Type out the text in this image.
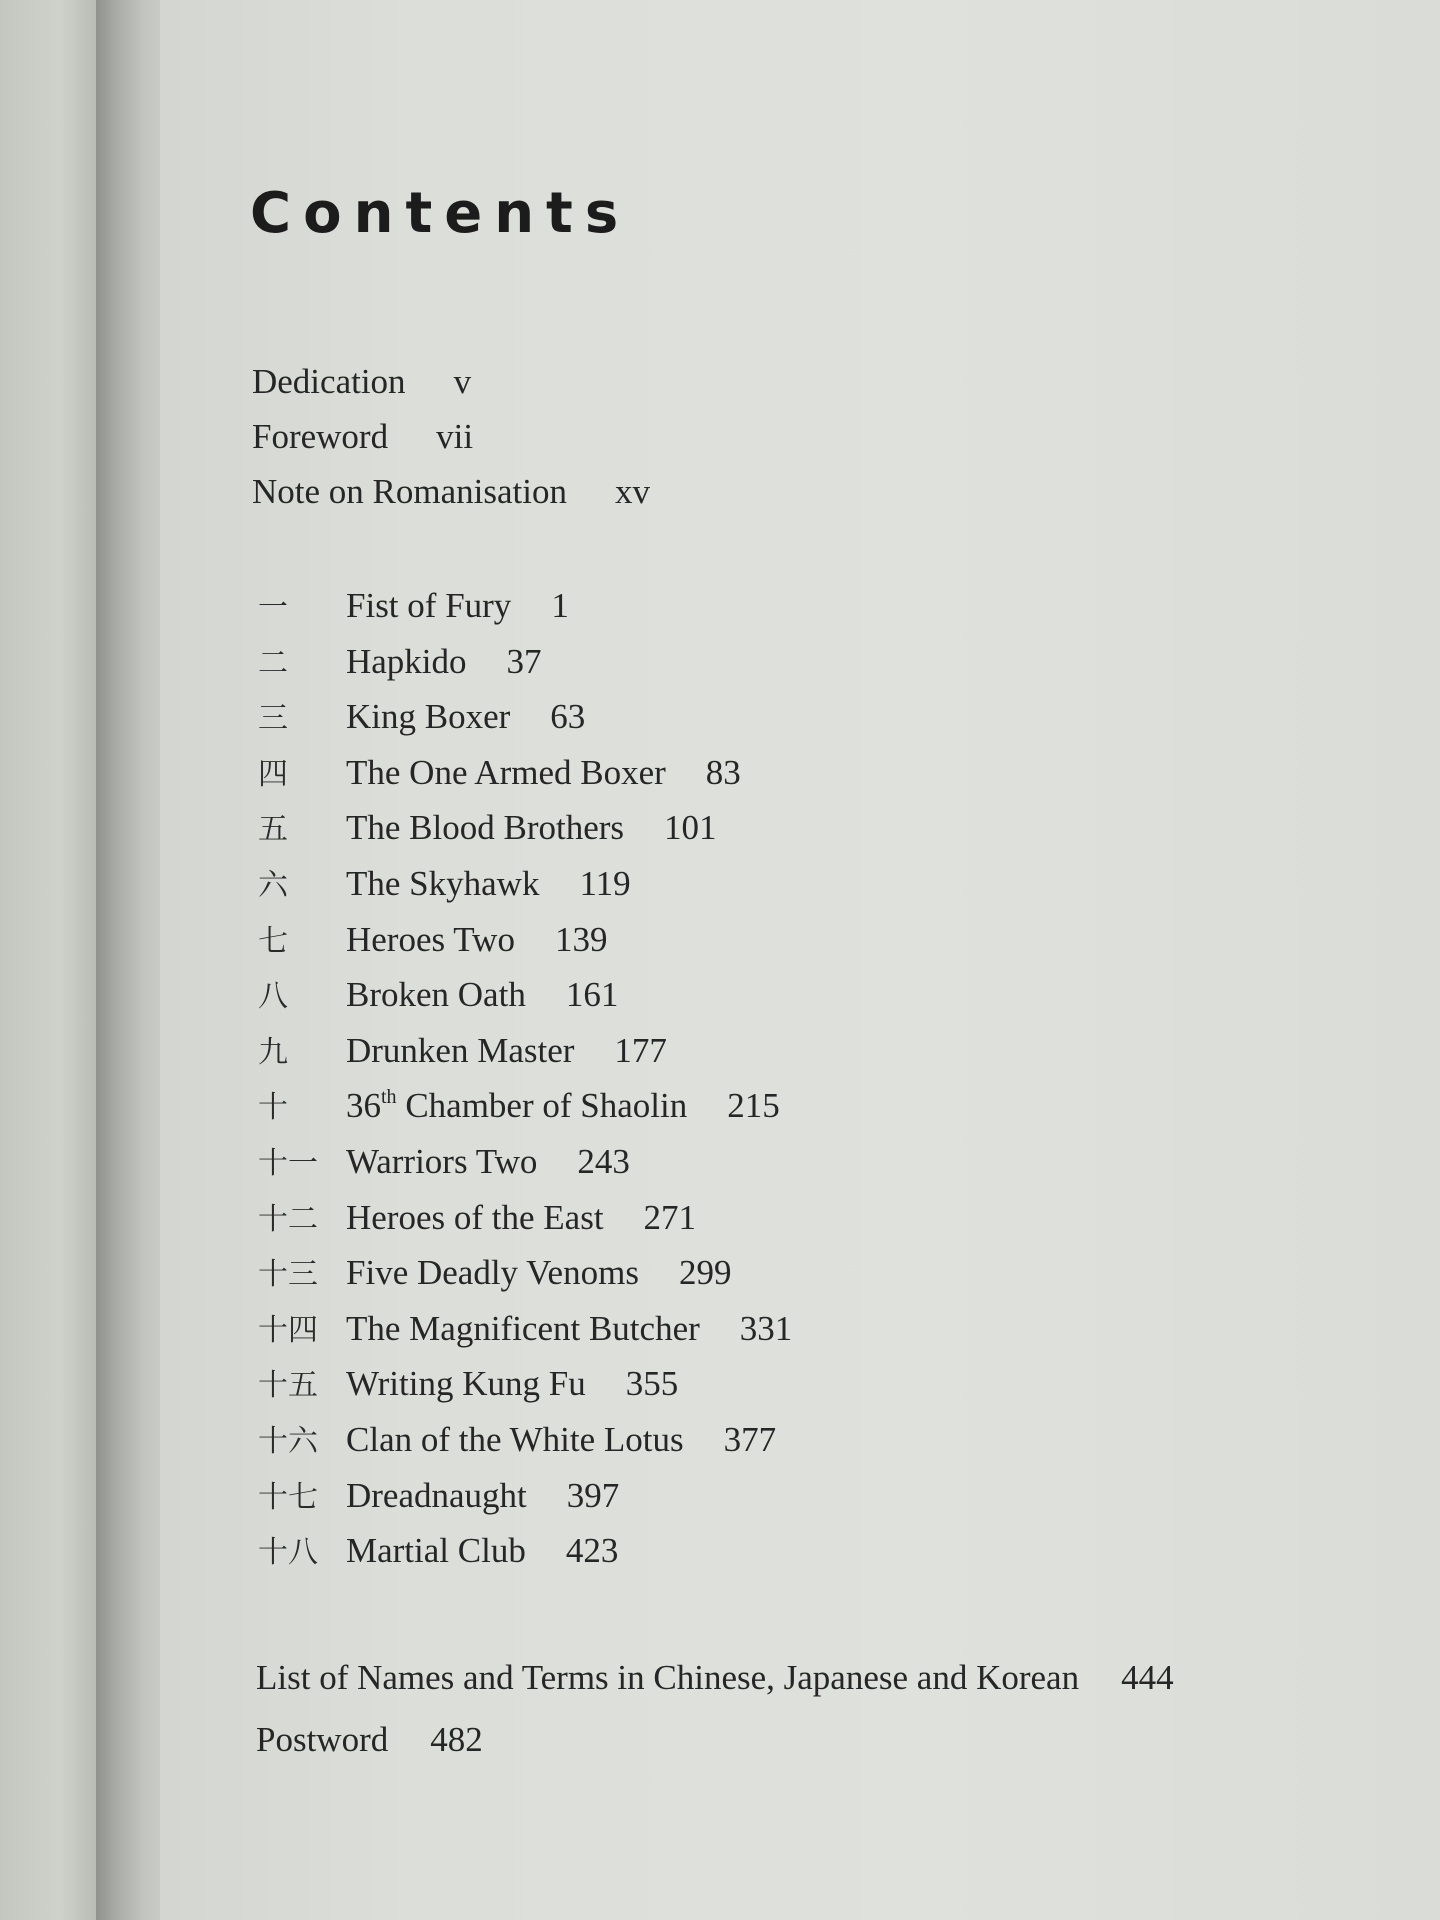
Contents
Dedication v
Foreword vii
Note on Romanisation xv
一	Fist of Fury 1
二	Hapkido 37
三	King Boxer 63
四	The One Armed Boxer 83
五	The Blood Brothers 101
六	The Skyhawk 119
七	Heroes Two 139
八	Broken Oath 161
九	Drunken Master 177
十	36th Chamber of Shaolin 215
十一 Warriors Two 243
十二 Heroes of the East 271
十三 Five Deadly Venoms 299
十四 The Magnificent Butcher 331
十五 Writing Kung Fu 355
十六 Clan of the White Lotus 377
十七 Dreadnaught 397
十八 Martial Club 423
List of Names and Terms in Chinese, Japanese and Korean 444
Postword 482
